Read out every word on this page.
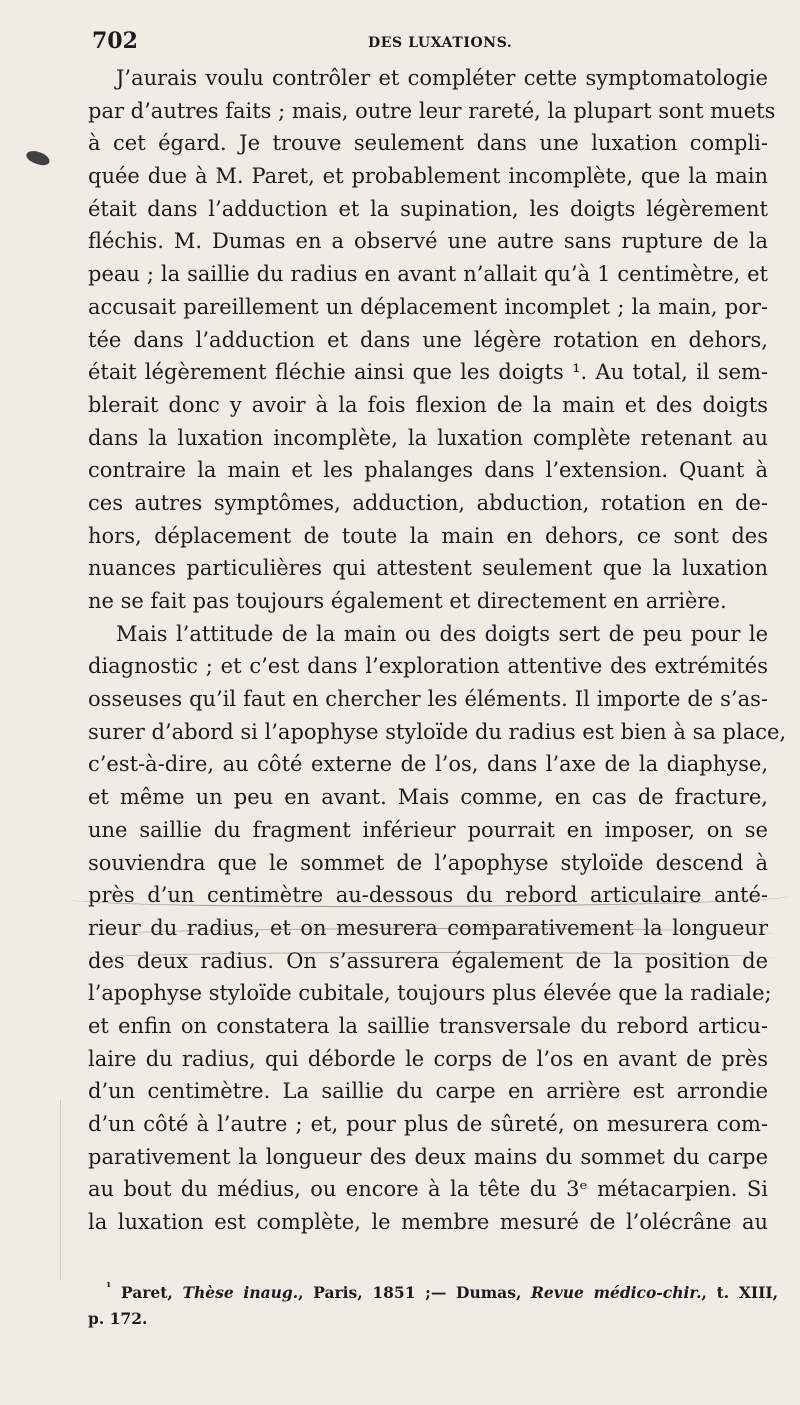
702	DES LUXATIONS.
J’aurais voulu contrôler et compléter cette symptomatologie
par d’autres faits ; mais, outre leur rareté, la plupart sont muets
à cet égard. Je trouve seulement dans une luxation compli-
quée due à M. Paret, et probablement incomplète, que la main
était dans l’adduction et la supination, les doigts légèrement
fléchis. M. Dumas en a observé une autre sans rupture de la
peau ; la saillie du radius en avant n’allait qu’à 1 centimètre, et
accusait pareillement un déplacement incomplet ; la main, por-
tée dans l’adduction et dans une légère rotation en dehors,
était légèrement fléchie ainsi que les doigts ¹. Au total, il sem-
blerait donc y avoir à la fois flexion de la main et des doigts
dans la luxation incomplète, la luxation complète retenant au
contraire la main et les phalanges dans l’extension. Quant à
ces autres symptômes, adduction, abduction, rotation en de-
hors, déplacement de toute la main en dehors, ce sont des
nuances particulières qui attestent seulement que la luxation
ne se fait pas toujours également et directement en arrière.
Mais l’attitude de la main ou des doigts sert de peu pour le
diagnostic ; et c’est dans l’exploration attentive des extrémités
osseuses qu’il faut en chercher les éléments. Il importe de s’as-
surer d’abord si l’apophyse styloïde du radius est bien à sa place,
c’est-à-dire, au côté externe de l’os, dans l’axe de la diaphyse,
et même un peu en avant. Mais comme, en cas de fracture,
une saillie du fragment inférieur pourrait en imposer, on se
souviendra que le sommet de l’apophyse styloïde descend à
près d’un centimètre au-dessous du rebord articulaire anté-
rieur du radius, et on mesurera comparativement la longueur
des deux radius. On s’assurera également de la position de
l’apophyse styloïde cubitale, toujours plus élevée que la radiale;
et enfin on constatera la saillie transversale du rebord articu-
laire du radius, qui déborde le corps de l’os en avant de près
d’un centimètre. La saillie du carpe en arrière est arrondie
d’un côté à l’autre ; et, pour plus de sûreté, on mesurera com-
parativement la longueur des deux mains du sommet du carpe
au bout du médius, ou encore à la tête du 3ᵉ métacarpien. Si
la luxation est complète, le membre mesuré de l’olécrâne au
$^{^1}$ Paret, Thèse inaug., Paris, 1851 ;— Dumas, Revue médico-chir., t. XIII,
p. 172.
